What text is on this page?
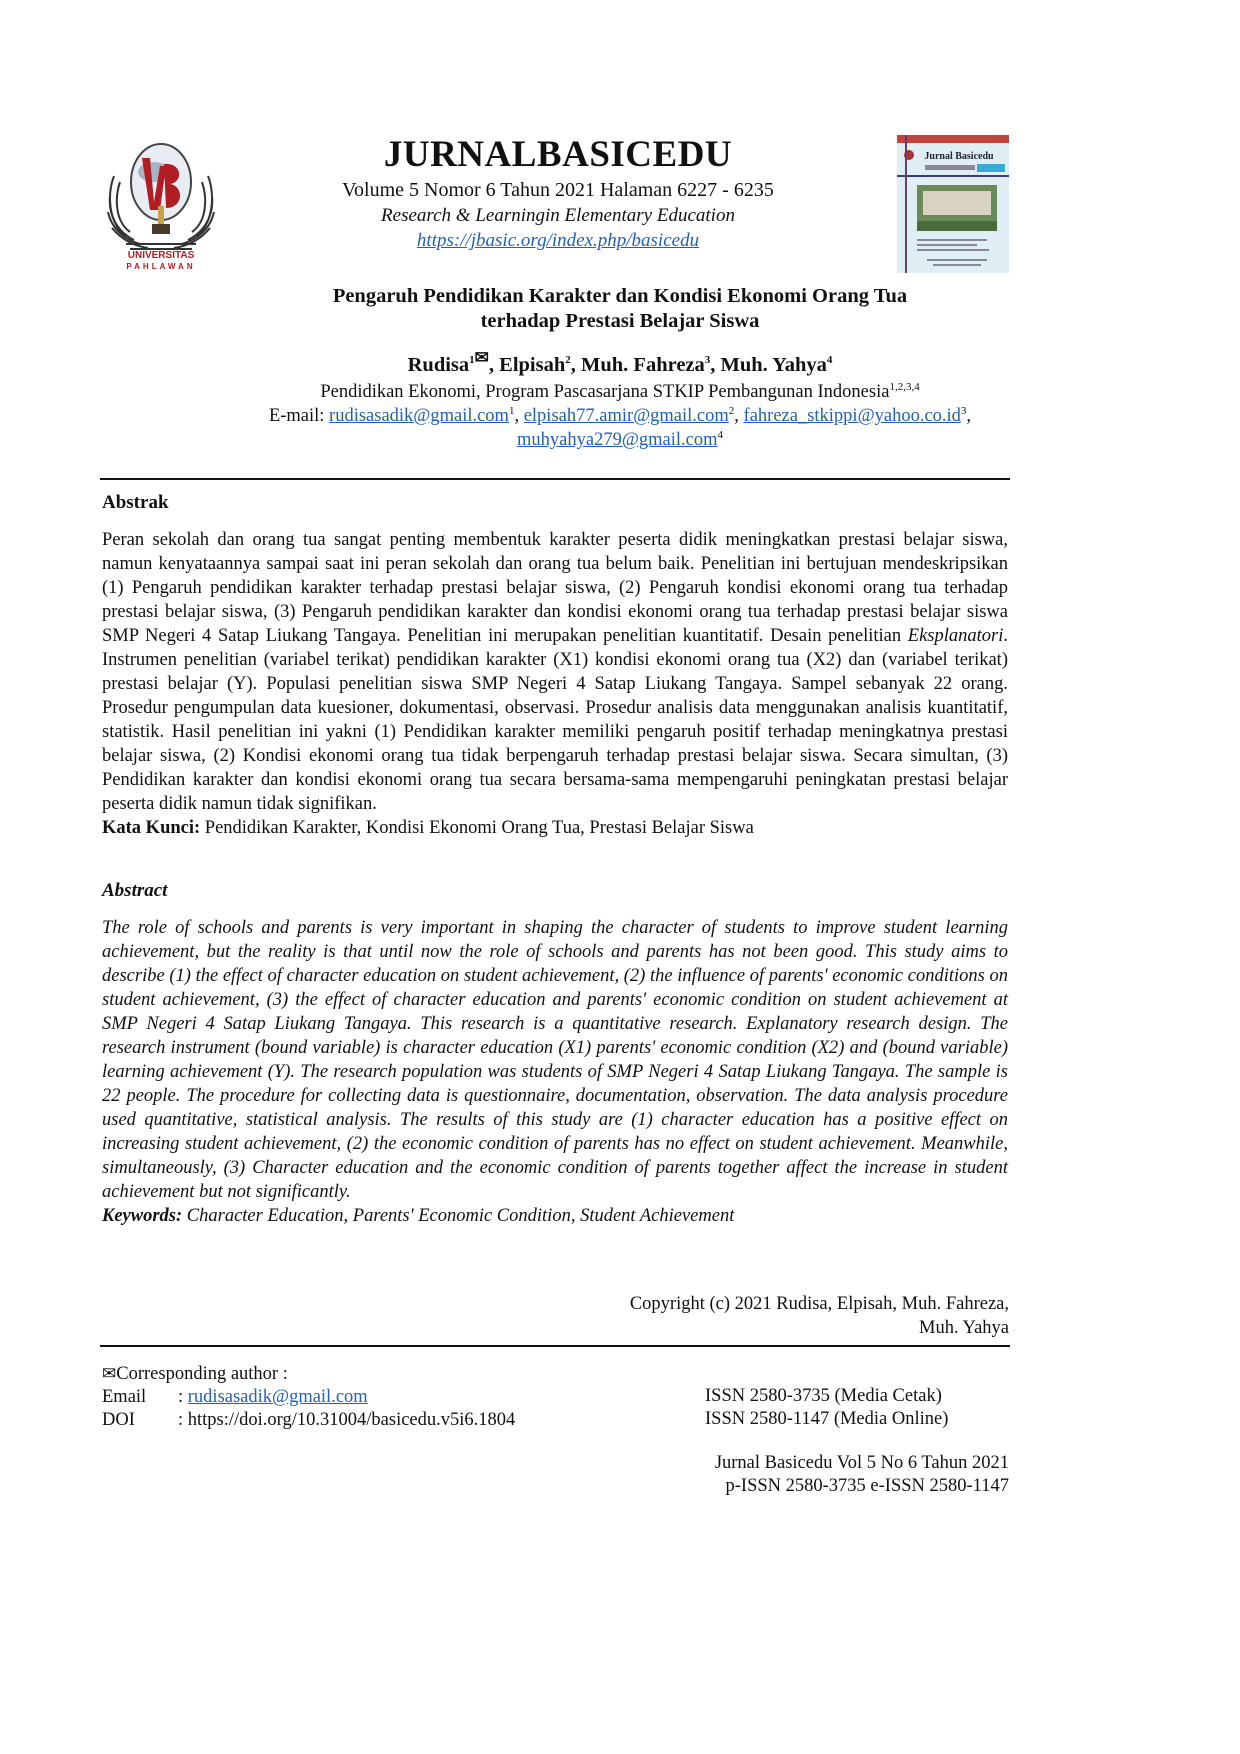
UNIVERSITAS
PAHLAWAN
JURNALBASICEDU
Volume 5 Nomor 6 Tahun 2021 Halaman 6227 - 6235
Research & Learningin Elementary Education
https://jbasic.org/index.php/basicedu
Jurnal Basicedu
Pengaruh Pendidikan Karakter dan Kondisi Ekonomi Orang Tua
terhadap Prestasi Belajar Siswa
Rudisa$^{1✉}$, Elpisah$^2$, Muh. Fahreza$^3$, Muh. Yahya$^4$
Pendidikan Ekonomi, Program Pascasarjana STKIP Pembangunan Indonesia$^{1,2,3,4}$
E-mail: rudisasadik@gmail.com$^1$, elpisah77.amir@gmail.com$^2$, $fahreza\_stkippi@yahoo.co.id^3$,
muhyahya279@gmail.com$^4$
Abstrak

Peran sekolah dan orang tua sangat penting membentuk karakter peserta didik meningkatkan prestasi belajar siswa, namun kenyataannya sampai saat ini peran sekolah dan orang tua belum baik. Penelitian ini bertujuan mendeskripsikan (1) Pengaruh pendidikan karakter terhadap prestasi belajar siswa, (2) Pengaruh kondisi ekonomi orang tua terhadap prestasi belajar siswa, (3) Pengaruh pendidikan karakter dan kondisi ekonomi orang tua terhadap prestasi belajar siswa SMP Negeri 4 Satap Liukang Tangaya. Penelitian ini merupakan penelitian kuantitatif. Desain penelitian Eksplanatori. Instrumen penelitian (variabel terikat) pendidikan karakter (X1) kondisi ekonomi orang tua (X2) dan (variabel terikat) prestasi belajar (Y). Populasi penelitian siswa SMP Negeri 4 Satap Liukang Tangaya. Sampel sebanyak 22 orang. Prosedur pengumpulan data kuesioner, dokumentasi, observasi. Prosedur analisis data menggunakan analisis kuantitatif, statistik. Hasil penelitian ini yakni (1) Pendidikan karakter memiliki pengaruh positif terhadap meningkatnya prestasi belajar siswa, (2) Kondisi ekonomi orang tua tidak berpengaruh terhadap prestasi belajar siswa. Secara simultan, (3) Pendidikan karakter dan kondisi ekonomi orang tua secara bersama-sama mempengaruhi peningkatan prestasi belajar peserta didik namun tidak signifikan.

Kata Kunci: Pendidikan Karakter, Kondisi Ekonomi Orang Tua, Prestasi Belajar Siswa

Abstract

The role of schools and parents is very important in shaping the character of students to improve student learning achievement, but the reality is that until now the role of schools and parents has not been good. This study aims to describe (1) the effect of character education on student achievement, (2) the influence of parents' economic conditions on student achievement, (3) the effect of character education and parents' economic condition on student achievement at SMP Negeri 4 Satap Liukang Tangaya. This research is a quantitative research. Explanatory research design. The research instrument (bound variable) is character education (X1) parents' economic condition (X2) and (bound variable) learning achievement (Y). The research population was students of SMP Negeri 4 Satap Liukang Tangaya. The sample is 22 people. The procedure for collecting data is questionnaire, documentation, observation. The data analysis procedure used quantitative, statistical analysis. The results of this study are (1) character education has a positive effect on increasing student achievement, (2) the economic condition of parents has no effect on student achievement. Meanwhile, simultaneously, (3) Character education and the economic condition of parents together affect the increase in student achievement but not significantly.

Keywords: Character Education, Parents' Economic Condition, Student Achievement

Copyright (c) 2021 Rudisa, Elpisah, Muh. Fahreza,
Muh. Yahya
✉Corresponding author :
Email	:
rudisasadik@gmail.com
DOI	:
https://doi.org/10.31004/basicedu.v5i6.1804
ISSN 2580-3735 (Media Cetak)
ISSN 2580-1147 (Media Online)
Jurnal Basicedu Vol 5 No 6 Tahun 2021
p-ISSN 2580-3735 e-ISSN 2580-1147
